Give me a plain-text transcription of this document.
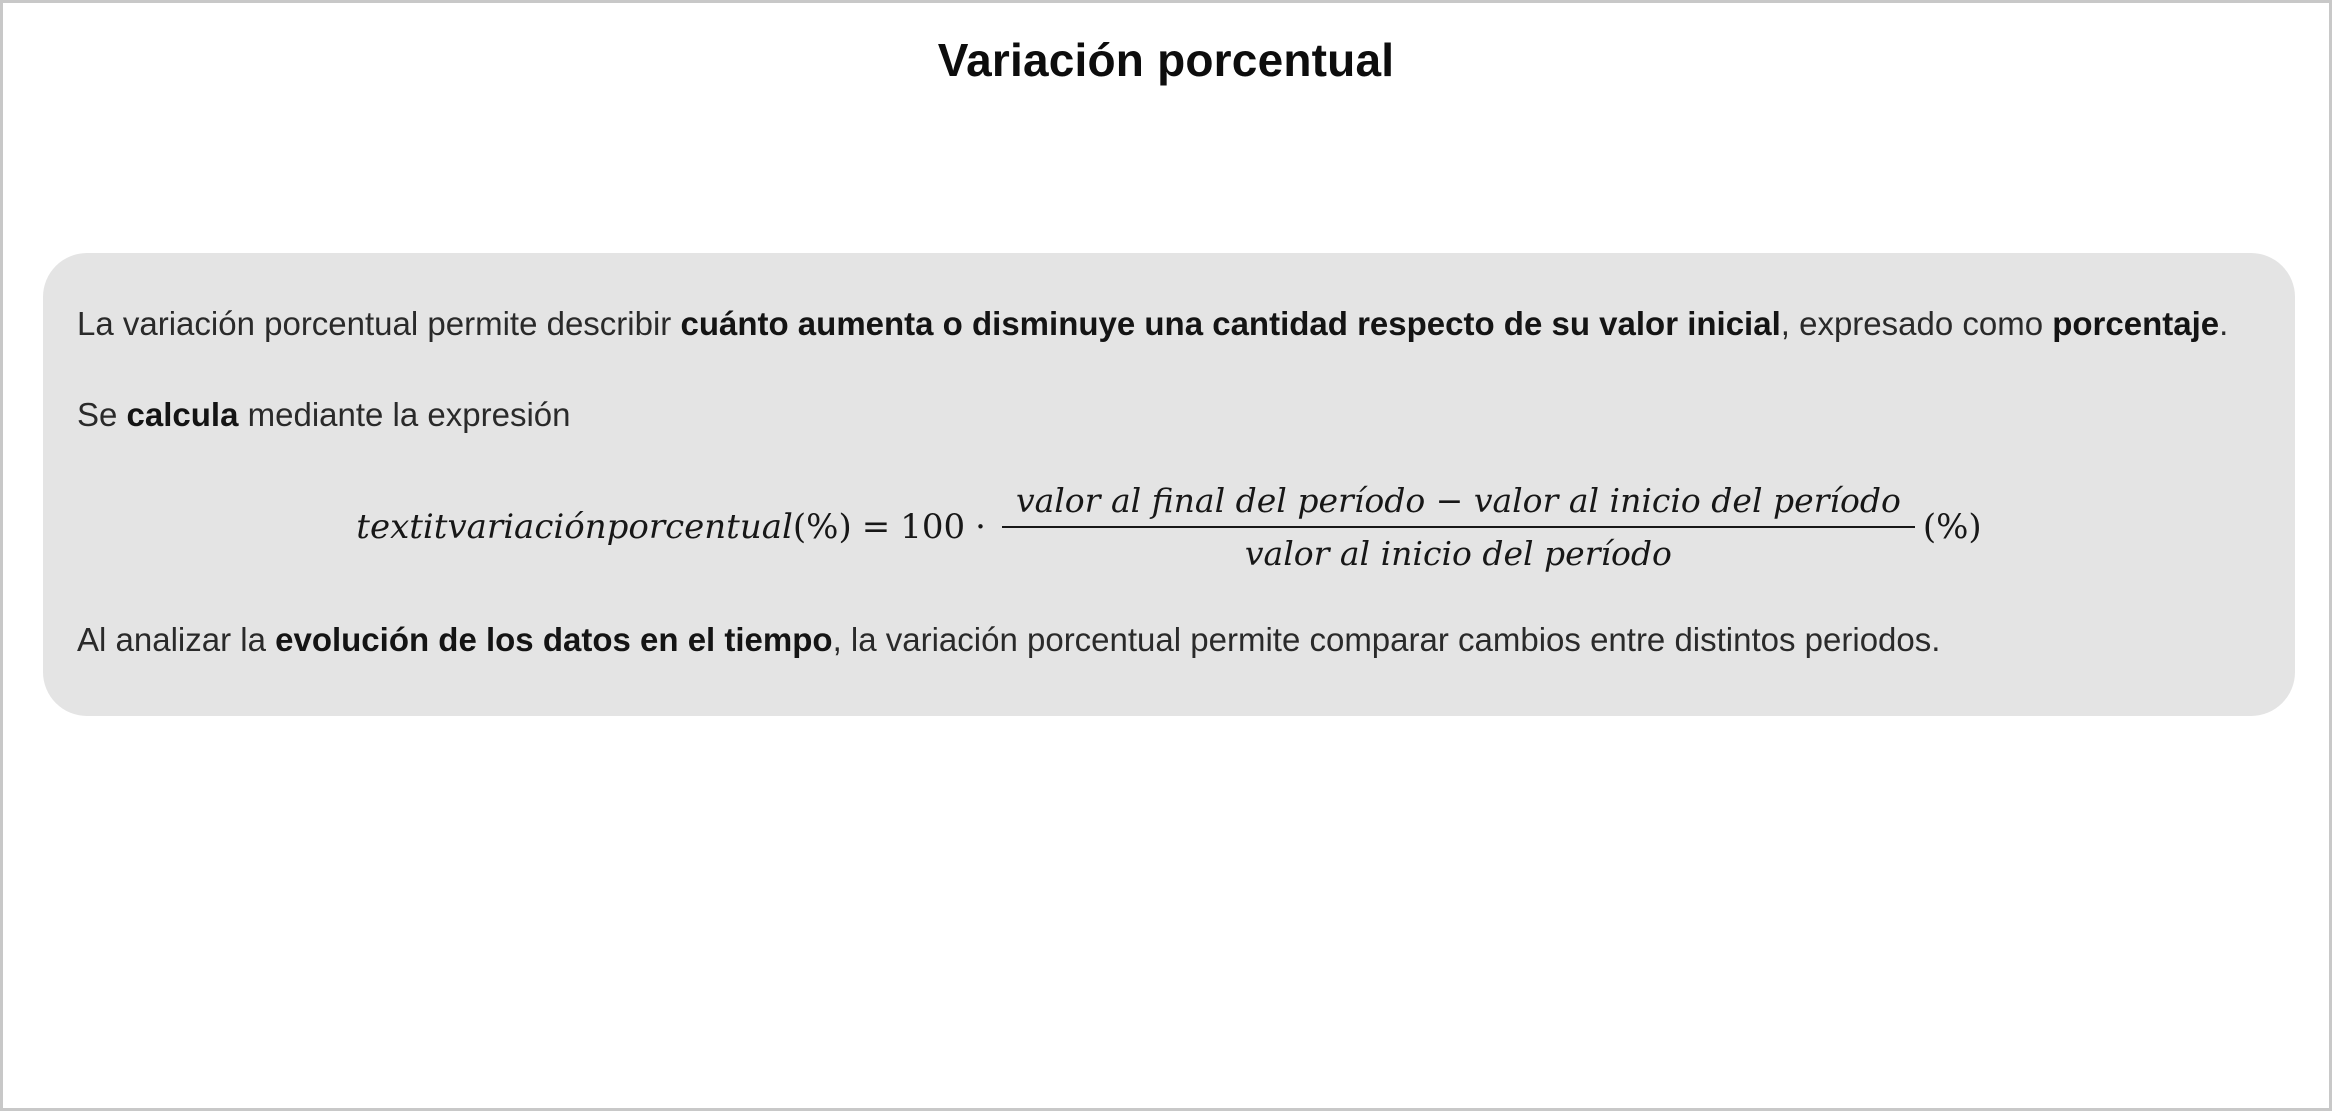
Variación porcentual

La variación porcentual permite describir cuánto aumenta o disminuye una cantidad respecto de su valor inicial, expresado como porcentaje.

Se calcula mediante la expresión

textitvariaciónporcentual (%) = $100 \cdot \frac{\text{valor al final del período − valor al inicio del período}}{\text{valor al inicio del período}}$ (%)

Al analizar la evolución de los datos en el tiempo, la variación porcentual permite comparar cambios entre distintos periodos.
